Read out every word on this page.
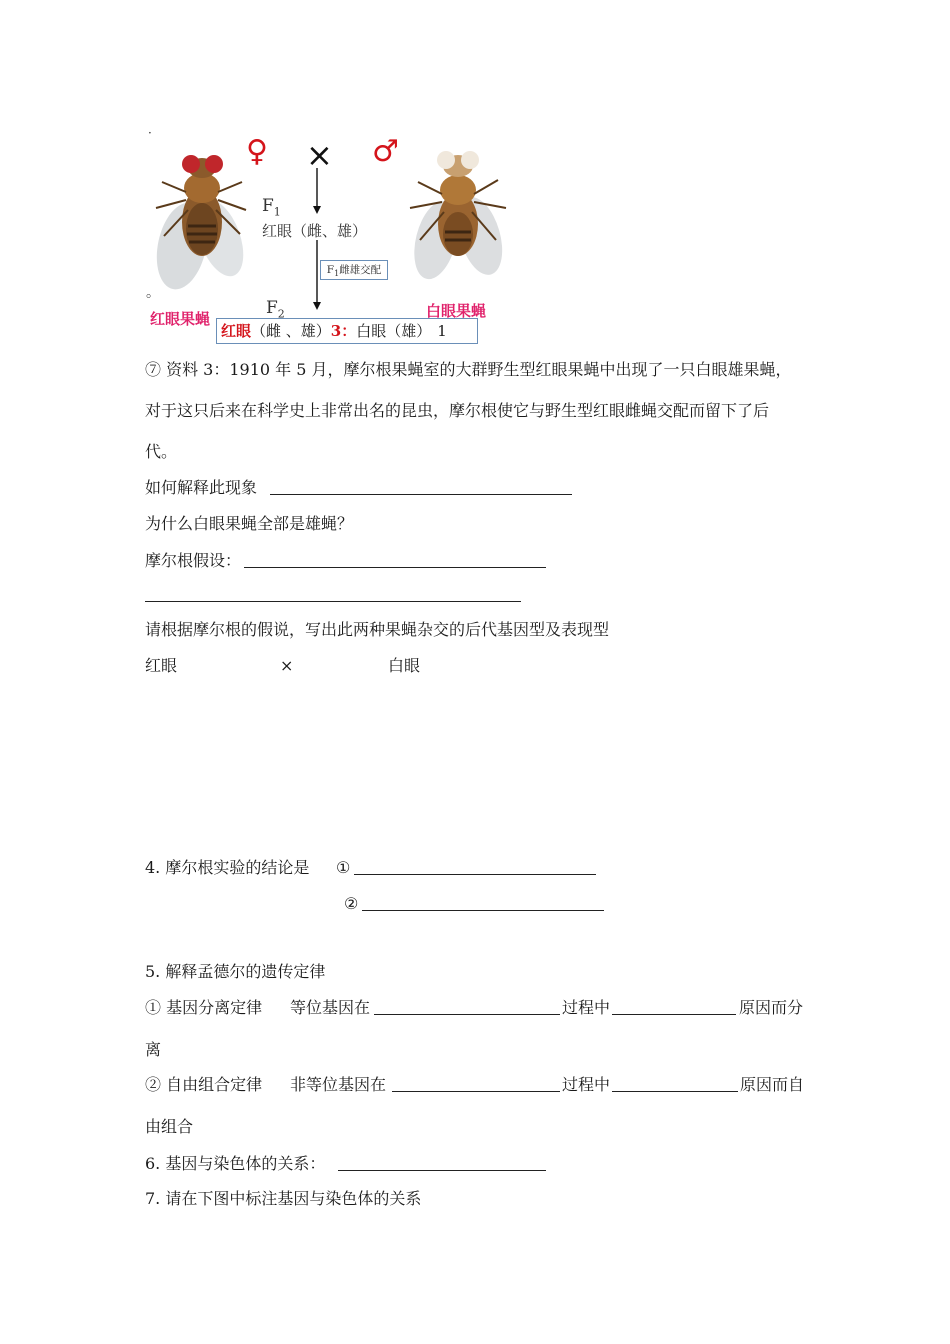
♀ × ♂
$F_1$
红眼（雌、雄）
$F_2$
·
。
红眼果蝇	白眼果蝇
$F_1$雌雄交配
红眼（雌 、雄）3：白眼（雄） 1
⑦ 资料 3：1910 年 5 月，摩尔根果蝇室的大群野生型红眼果蝇中出现了一只白眼雄果蝇，
对于这只后来在科学史上非常出名的昆虫，摩尔根使它与野生型红眼雌蝇交配而留下了后
代。
如何解释此现象
为什么白眼果蝇全部是雄蝇？
摩尔根假设：
请根据摩尔根的假说，写出此两种果蝇杂交的后代基因型及表现型
红眼	×	白眼
4. 摩尔根实验的结论是 ①
②
5. 解释孟德尔的遗传定律
① 基因分离定律 等位基因在	过程中	原因而分
离
② 自由组合定律 非等位基因在	过程中	原因而自
由组合
6. 基因与染色体的关系：
7. 请在下图中标注基因与染色体的关系
